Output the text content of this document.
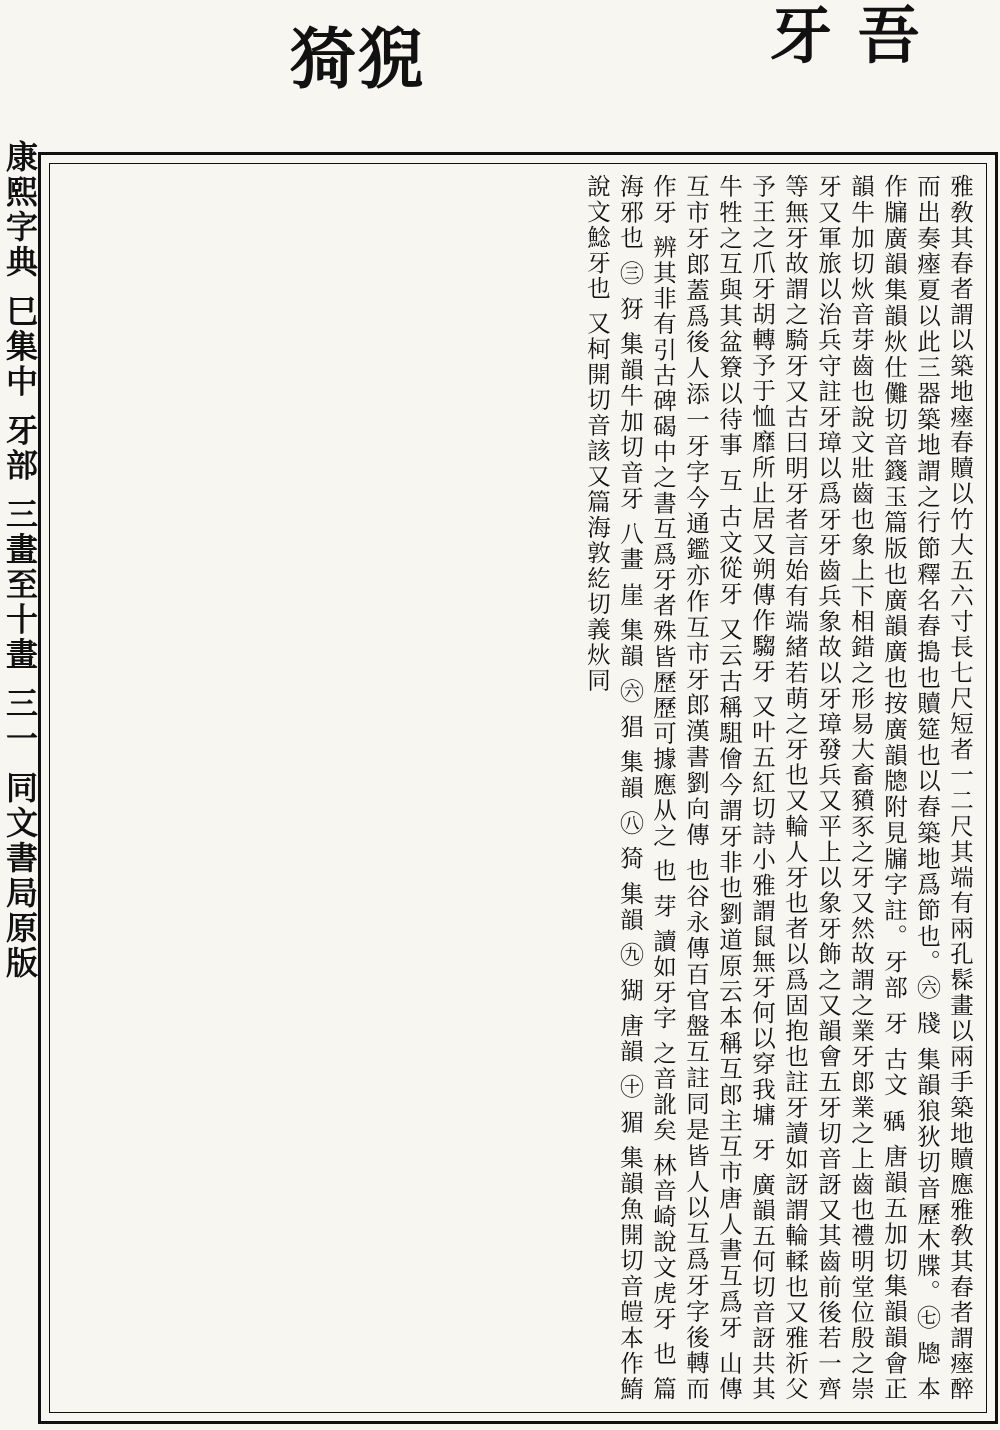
猗猊	牙 吾
康熙字典 巳集中 牙部 三畫至十畫 三一 同文書局原版	雅敎其春者謂以築地瘞春贖以竹大五六寸長七尺短者一二尺其端有兩孔髹畫以兩手築地贖應雅敎其舂者謂瘞醉而出奏瘞夏以此三器築地謂之行節釋名舂搗也贖筵也以舂築地爲節也。㊅ 牋 集韻狼狄切音歷木牒。㊆ 牕 本作牖廣韻集韻炏仕儺切音籛玉篇版也廣韻廣也按廣韻牕附見牖字註。牙部 牙 古文 𤘐 唐韻五加切集韻韻會正韻牛加切炏音芽齒也說文壯齒也象上下相錯之形易大畜豶豕之牙又然故謂之業牙郎業之上齒也禮明堂位殷之崇牙又軍旅以治兵守註牙璋以爲牙牙齒兵象故以牙璋發兵又平上以象牙飾之又韻會五牙切音訝又其齒前後若一齊等無牙故謂之騎牙又古曰明牙者言始有端緒若萌之牙也又輪人牙也者以爲固抱也註牙讀如訝謂輪輮也又雅祈父予王之爪牙胡轉予于恤靡所止居又朔傳作騶牙 又叶五紅切詩小雅謂鼠無牙何以穿我墉 牙 廣韻五何切音訝共其牛牲之互與其盆簝以待事 互 古文從牙 又云古稱駔儈今謂牙非也劉道原云本稱互郎主互市唐人書互爲牙 山傳互市牙郎蓋爲後人添一牙字今通鑑亦作互市牙郎漢書劉向傳 也谷永傳百官盤互註同是皆人以互爲牙字後轉而作牙 辨其非有引古碑碣中之書互爲牙者殊皆歷歷可據應从之 也 芽 讀如牙字 之音訛矣 林音崎說文虎牙 也 篇海邪也 ㊂ 犽 集韻牛加切音牙 八畫 崖 集韻 ㊅ 猖 集韻 ㊇ 猗 集韻 ㊈ 猢 唐韻 ㊉ 猸 集韻魚開切音皚本作鰖說文鯰牙也 又柯開切音該又篇海敦紇切義炏同
